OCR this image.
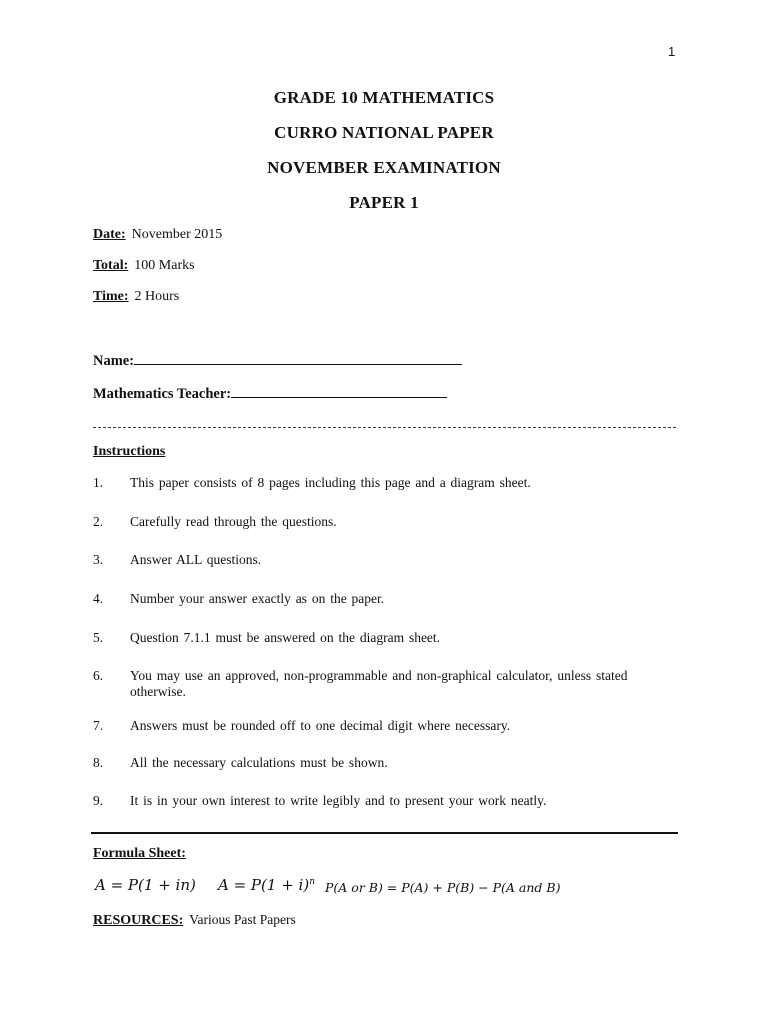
1
GRADE 10 MATHEMATICS
CURRO NATIONAL PAPER
NOVEMBER EXAMINATION
PAPER 1
Date: November 2015
Total: 100 Marks
Time: 2 Hours
Name:
Mathematics Teacher:
Instructions
1.	This paper consists of 8 pages including this page and a diagram sheet.
2.	Carefully read through the questions.
3.	Answer ALL questions.
4.	Number your answer exactly as on the paper.
5.	Question 7.1.1 must be answered on the diagram sheet.
6.	You may use an approved, non-programmable and non-graphical calculator, unless stated otherwise.
7.	Answers must be rounded off to one decimal digit where necessary.
8.	All the necessary calculations must be shown.
9.	It is in your own interest to write legibly and to present your work neatly.
Formula Sheet:
A = P(1 + in) $A = P(1 + i)^n$ P(A or B) = P(A) + P(B) − P(A and B)
RESOURCES: Various Past Papers
